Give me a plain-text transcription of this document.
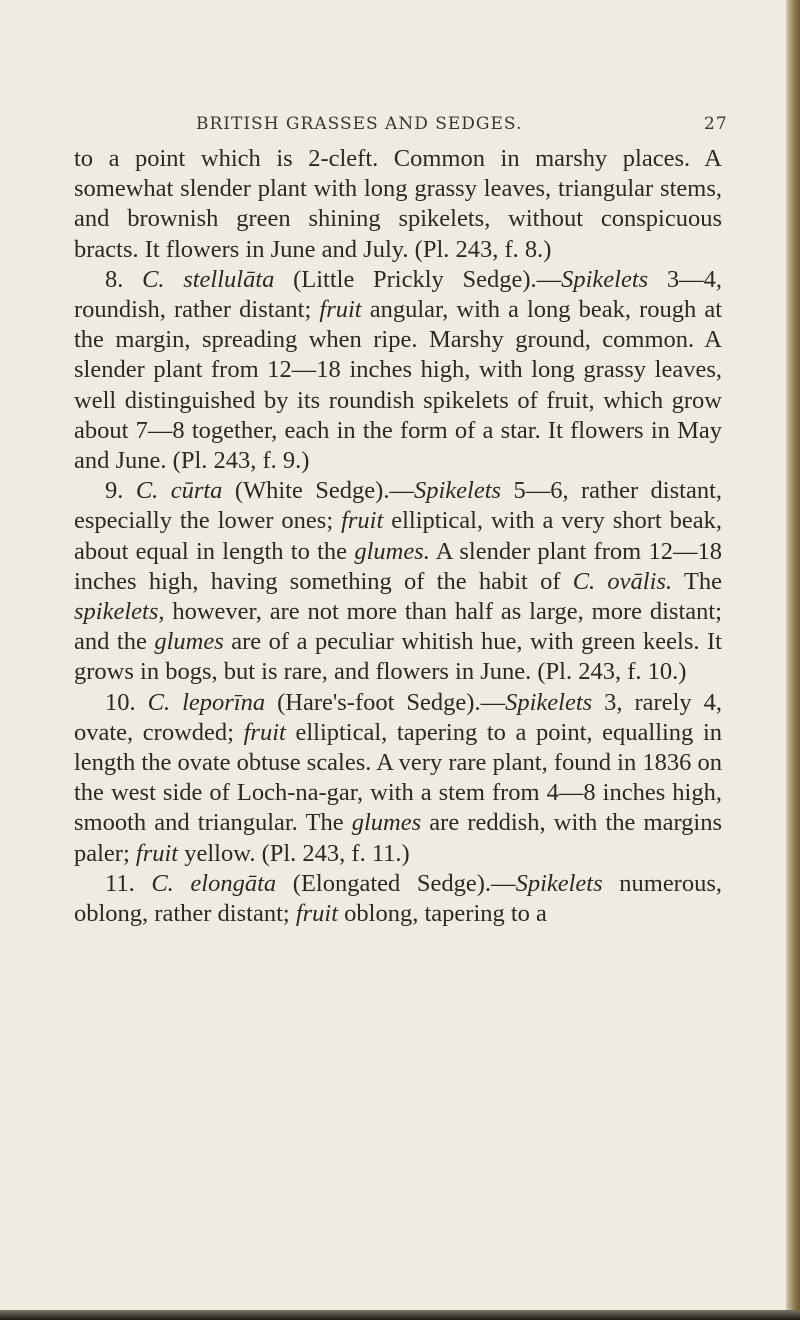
BRITISH GRASSES AND SEDGES.	27

to a point which is 2-cleft. Common in marshy places. A somewhat slender plant with long grassy leaves, triangular stems, and brownish green shining spikelets, without conspicuous bracts. It flowers in June and July. (Pl. 243, f. 8.)

8. C. stellulāta (Little Prickly Sedge).—Spikelets 3—4, roundish, rather distant; fruit angular, with a long beak, rough at the margin, spreading when ripe. Marshy ground, common. A slender plant from 12—18 inches high, with long grassy leaves, well distinguished by its roundish spikelets of fruit, which grow about 7—8 together, each in the form of a star. It flowers in May and June. (Pl. 243, f. 9.)

9. C. cūrta (White Sedge).—Spikelets 5—6, rather distant, especially the lower ones; fruit elliptical, with a very short beak, about equal in length to the glumes. A slender plant from 12—18 inches high, having something of the habit of C. ovālis. The spikelets, however, are not more than half as large, more distant; and the glumes are of a peculiar whitish hue, with green keels. It grows in bogs, but is rare, and flowers in June. (Pl. 243, f. 10.)

10. C. leporīna (Hare's-foot Sedge).—Spikelets 3, rarely 4, ovate, crowded; fruit elliptical, tapering to a point, equalling in length the ovate obtuse scales. A very rare plant, found in 1836 on the west side of Loch-na-gar, with a stem from 4—8 inches high, smooth and triangular. The glumes are reddish, with the margins paler; fruit yellow. (Pl. 243, f. 11.)

11. C. elongāta (Elongated Sedge).—Spikelets numerous, oblong, rather distant; fruit oblong, tapering to a
